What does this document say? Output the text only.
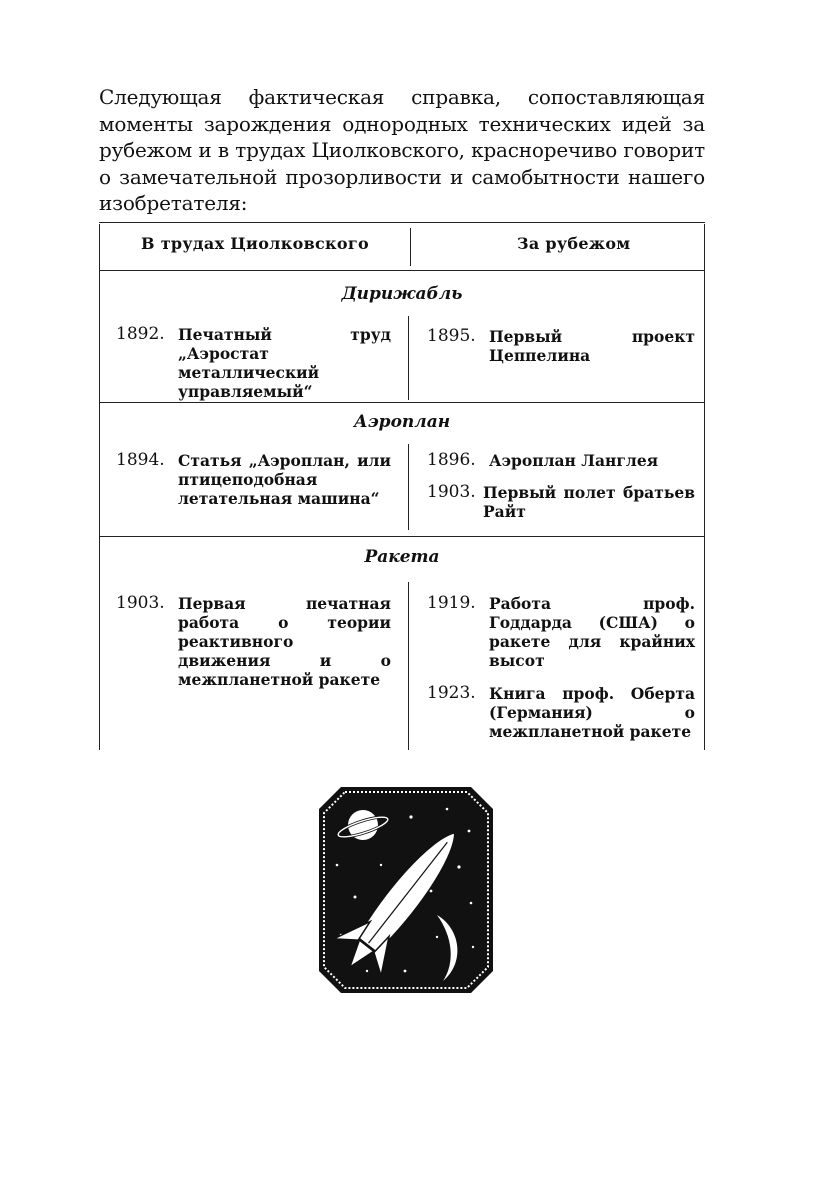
Следующая фактическая справка, сопоставляющая моменты зарождения однородных технических идей за рубежом и в трудах Циолковского, красноречиво говорит о замечательной прозорливости и самобытности нашего изобретателя:

В трудах Циолковского	За рубежом
Дирижабль
1892. Печатный труд „Аэростат металлический управляемый“
1895. Первый проект Цеппелина
Аэроплан
1894. Статья „Аэроплан, или птицеподобная летательная машина“
1896. Аэроплан Ланглея
1903. Первый полет братьев Райт
Ракета
1903. Первая печатная работа о теории реактивного движения и о межпланетной ракете
1919. Работа проф. Годдарда (США) о ракете для крайних высот
1923. Книга проф. Оберта (Германия) о межпланетной ракете
